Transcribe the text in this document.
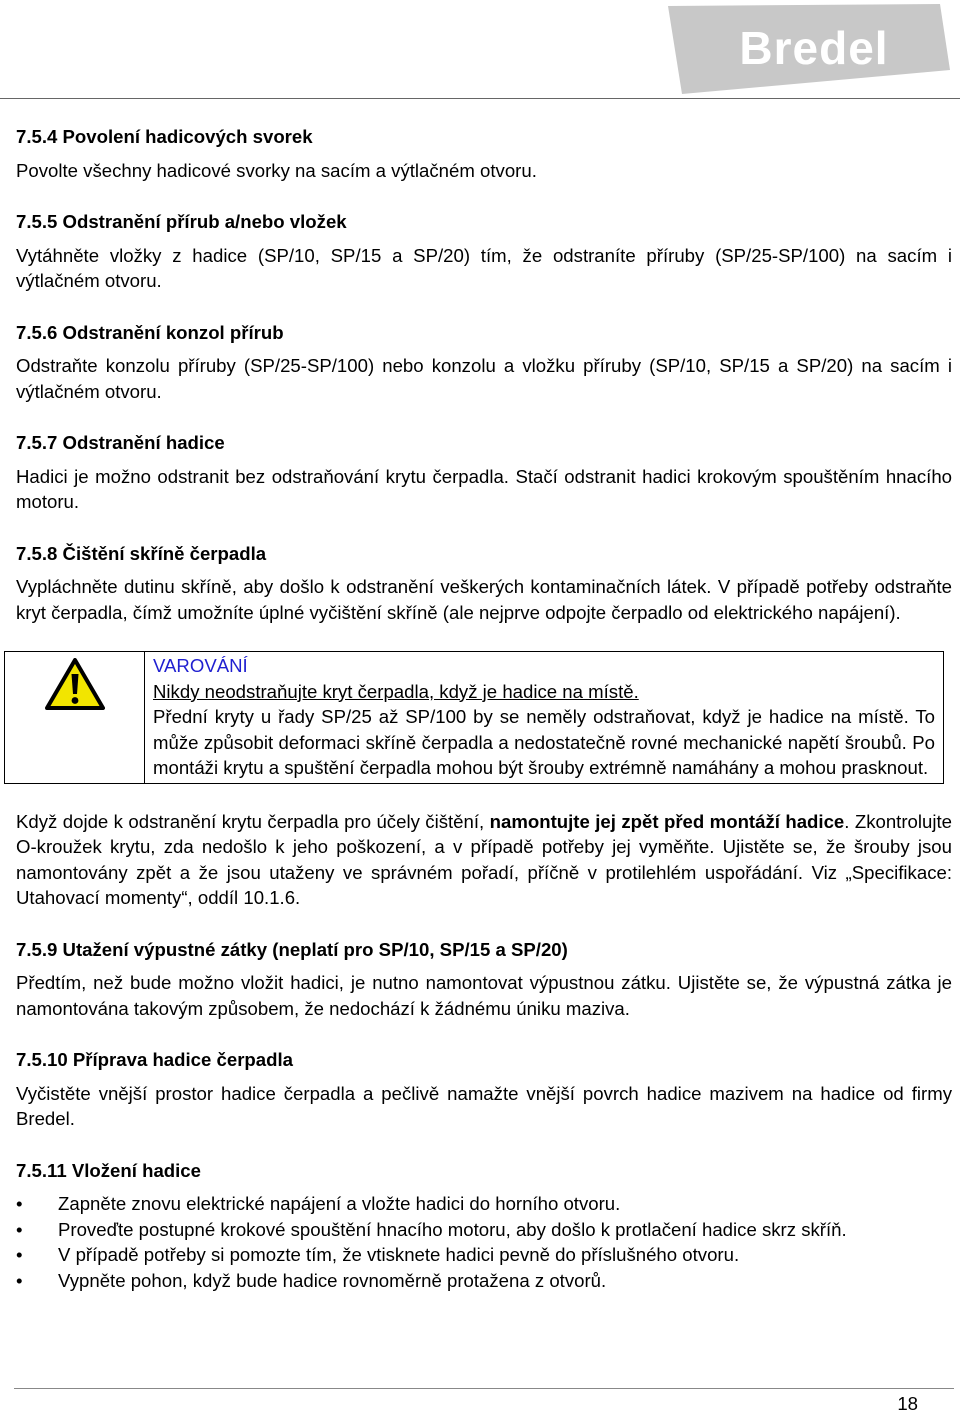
Bredel
7.5.4 Povolení hadicových svorek

Povolte všechny hadicové svorky na sacím a výtlačném otvoru.

7.5.5 Odstranění přírub a/nebo vložek

Vytáhněte vložky z hadice (SP/10, SP/15 a SP/20) tím, že odstraníte příruby (SP/25-SP/100) na sacím i výtlačném otvoru.

7.5.6 Odstranění konzol přírub

Odstraňte konzolu příruby (SP/25-SP/100) nebo konzolu a vložku příruby (SP/10, SP/15 a SP/20) na sacím i výtlačném otvoru.

7.5.7 Odstranění hadice

Hadici je možno odstranit bez odstraňování krytu čerpadla. Stačí odstranit hadici krokovým spouštěním hnacího motoru.

7.5.8 Čištění skříně čerpadla

Vypláchněte dutinu skříně, aby došlo k odstranění veškerých kontaminačních látek. V případě potřeby odstraňte kryt čerpadla, čímž umožníte úplné vyčištění skříně (ale nejprve odpojte čerpadlo od elektrického napájení).

VAROVÁNÍ

Nikdy neodstraňujte kryt čerpadla, když je hadice na místě.

Přední kryty u řady SP/25 až SP/100 by se neměly odstraňovat, když je hadice na místě. To může způsobit deformaci skříně čerpadla a nedostatečně rovné mechanické napětí šroubů. Po montáži krytu a spuštění čerpadla mohou být šrouby extrémně namáhány a mohou prasknout.

Když dojde k odstranění krytu čerpadla pro účely čištění, namontujte jej zpět před montáží hadice. Zkontrolujte O-kroužek krytu, zda nedošlo k jeho poškození, a v případě potřeby jej vyměňte. Ujistěte se, že šrouby jsou namontovány zpět a že jsou utaženy ve správném pořadí, příčně v protilehlém uspořádání. Viz „Specifikace: Utahovací momenty“, oddíl 10.1.6.

7.5.9 Utažení výpustné zátky (neplatí pro SP/10, SP/15 a SP/20)

Předtím, než bude možno vložit hadici, je nutno namontovat výpustnou zátku. Ujistěte se, že výpustná zátka je namontována takovým způsobem, že nedochází k žádnému úniku maziva.

7.5.10 Příprava hadice čerpadla

Vyčistěte vnější prostor hadice čerpadla a pečlivě namažte vnější povrch hadice mazivem na hadice od firmy Bredel.

7.5.11 Vložení hadice
• Zapněte znovu elektrické napájení a vložte hadici do horního otvoru.
• Proveďte postupné krokové spouštění hnacího motoru, aby došlo k protlačení hadice skrz skříň.
• V případě potřeby si pomozte tím, že vtisknete hadici pevně do příslušného otvoru.
• Vypněte pohon, když bude hadice rovnoměrně protažena z otvorů.
18
